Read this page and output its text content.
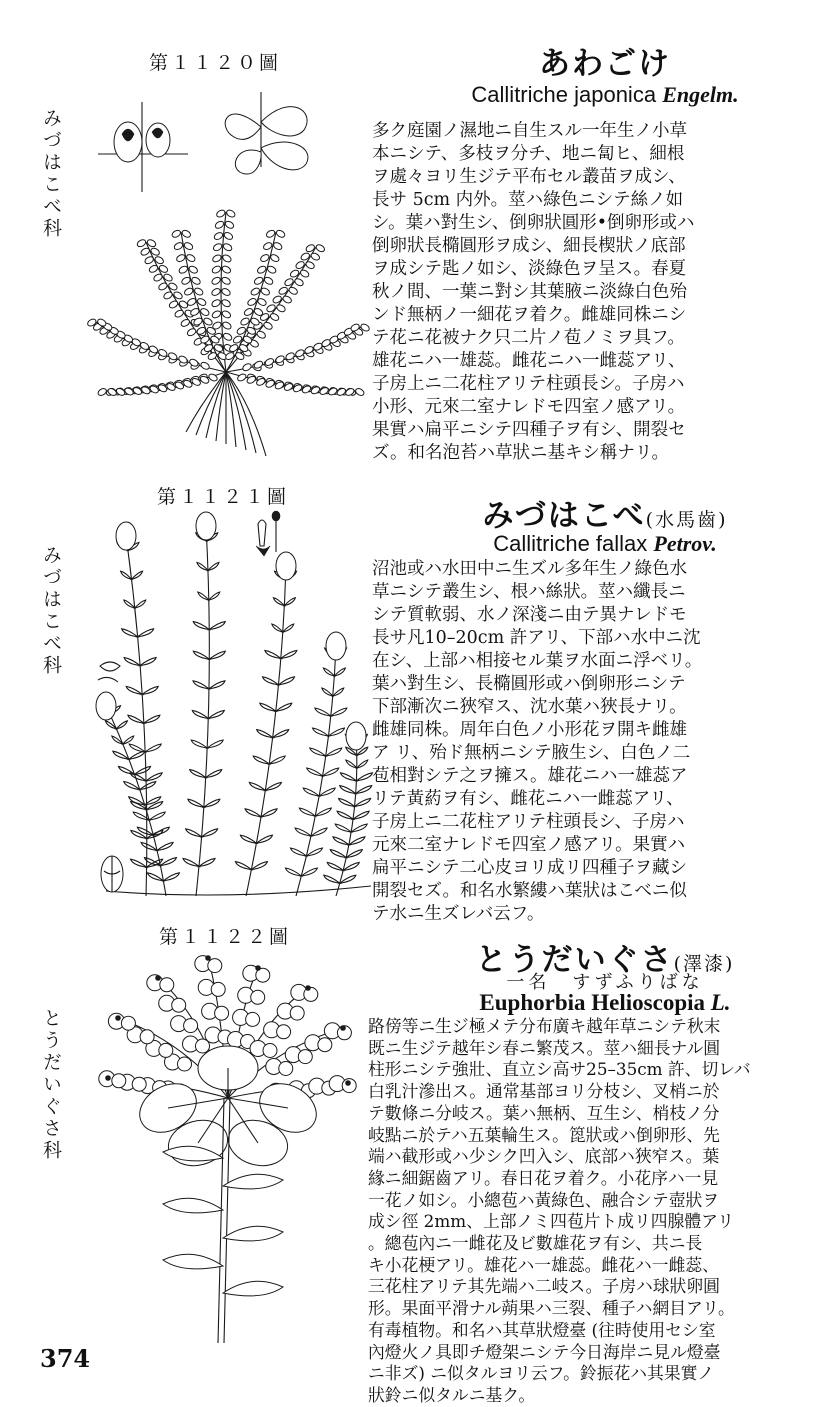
第１１２０圖
みづはこべ科
あわごけ
Callitriche japonica Engelm.
多ク庭園ノ濕地ニ自生スル一年生ノ小草
本ニシテ、多枝ヲ分チ、地ニ匐ヒ、細根
ヲ處々ヨリ生ジテ平布セル叢苗ヲ成シ、
長サ 5cm 内外。莖ハ綠色ニシテ絲ノ如
シ。葉ハ對生シ、倒卵狀圓形•倒卵形或ハ
倒卵狀長橢圓形ヲ成シ、細長楔狀ノ底部
ヲ成シテ匙ノ如シ、淡綠色ヲ呈ス。春夏
秋ノ間、一葉ニ對シ其葉腋ニ淡綠白色殆
ンド無柄ノ一細花ヲ着ク。雌雄同株ニシ
テ花ニ花被ナク只二片ノ苞ノミヲ具フ。
雄花ニハ一雄蕊。雌花ニハ一雌蕊アリ、
子房上ニ二花柱アリテ柱頭長シ。子房ハ
小形、元來二室ナレドモ四室ノ感アリ。
果實ハ扁平ニシテ四種子ヲ有シ、開裂セ
ズ。和名泡苔ハ草狀ニ基キシ稱ナリ。
第１１２１圖
みづはこべ科
みづはこべ(水馬齒)
Callitriche fallax Petrov.
沼池或ハ水田中ニ生ズル多年生ノ綠色水
草ニシテ叢生シ、根ハ絲狀。莖ハ纖長ニ
シテ質軟弱、水ノ深淺ニ由テ異ナレドモ
長サ凡10–20cm 許アリ、下部ハ水中ニ沈
在シ、上部ハ相接セル葉ヲ水面ニ浮ベリ。
葉ハ對生シ、長橢圓形或ハ倒卵形ニシテ
下部漸次ニ狹窄ス、沈水葉ハ狹長ナリ。
雌雄同株。周年白色ノ小形花ヲ開キ雌雄
ア リ、殆ド無柄ニシテ腋生シ、白色ノ二
苞相對シテ之ヲ擁ス。雄花ニハ一雄蕊ア
リテ黃葯ヲ有シ、雌花ニハ一雌蕊アリ、
子房上ニ二花柱アリテ柱頭長シ、子房ハ
元來二室ナレドモ四室ノ感アリ。果實ハ
扁平ニシテ二心皮ヨリ成リ四種子ヲ藏シ
開裂セズ。和名水繁縷ハ葉狀はこべニ似
テ水ニ生ズレバ云フ。
第１１２２圖
とうだいぐさ科
とうだいぐさ(澤漆)
一名　すずふりばな
Euphorbia Helioscopia L.
路傍等ニ生ジ極メテ分布廣キ越年草ニシテ秋末
既ニ生ジテ越年シ春ニ繁茂ス。莖ハ細長ナル圓
柱形ニシテ強壯、直立シ高サ25–35cm 許、切レバ
白乳汁滲出ス。通常基部ヨリ分枝シ、叉梢ニ於
テ數條ニ分岐ス。葉ハ無柄、互生シ、梢枝ノ分
岐點ニ於テハ五葉輪生ス。箆狀或ハ倒卵形、先
端ハ截形或ハ少シク凹入シ、底部ハ狹窄ス。葉
緣ニ細鋸齒アリ。春日花ヲ着ク。小花序ハ一見
一花ノ如シ。小總苞ハ黃綠色、融合シテ壺狀ヲ
成シ徑 2mm、上部ノミ四苞片ト成リ四腺體アリ
。總苞內ニ一雌花及ビ數雄花ヲ有シ、共ニ長
キ小花梗アリ。雄花ハ一雄蕊。雌花ハ一雌蕊、
三花柱アリテ其先端ハ二岐ス。子房ハ球狀卵圓
形。果面平滑ナル蒴果ハ三裂、種子ハ網目アリ。
有毒植物。和名ハ其草狀燈臺 (往時使用セシ室
內燈火ノ具即チ燈架ニシテ今日海岸ニ見ル燈臺
ニ非ズ) ニ似タルヨリ云フ。鈴振花ハ其果實ノ
狀鈴ニ似タルニ基ク。
374
